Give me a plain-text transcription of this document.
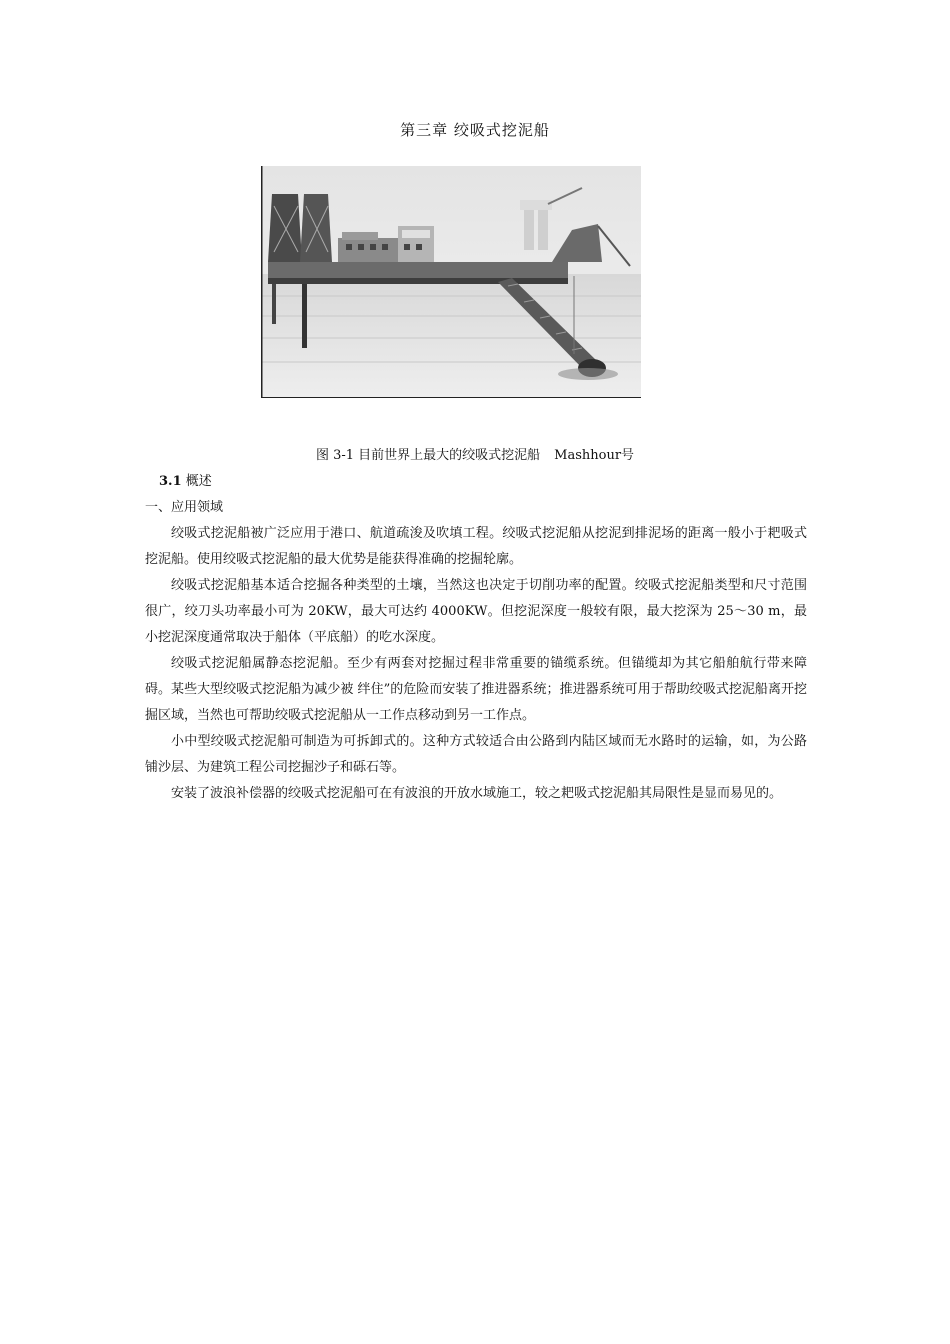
第三章 绞吸式挖泥船
图 3-1 目前世界上最大的绞吸式挖泥船 Mashhour号
3.1 概述
一、应用领域

绞吸式挖泥船被广泛应用于港口、航道疏浚及吹填工程。绞吸式挖泥船从挖泥到排泥场的距离一般小于耙吸式挖泥船。使用绞吸式挖泥船的最大优势是能获得准确的挖掘轮廓。

绞吸式挖泥船基本适合挖掘各种类型的土壤，当然这也决定于切削功率的配置。绞吸式挖泥船类型和尺寸范围很广，绞刀头功率最小可为 20KW，最大可达约 4000KW。但挖泥深度一般较有限，最大挖深为 25～30 m，最小挖泥深度通常取决于船体（平底船）的吃水深度。

绞吸式挖泥船属静态挖泥船。至少有两套对挖掘过程非常重要的锚缆系统。但锚缆却为其它船舶航行带来障碍。某些大型绞吸式挖泥船为减少被 绊住”的危险而安装了推进器系统；推进器系统可用于帮助绞吸式挖泥船离开挖掘区域，当然也可帮助绞吸式挖泥船从一工作点移动到另一工作点。

小中型绞吸式挖泥船可制造为可拆卸式的。这种方式较适合由公路到内陆区域而无水路时的运输，如，为公路铺沙层、为建筑工程公司挖掘沙子和砾石等。

安装了波浪补偿器的绞吸式挖泥船可在有波浪的开放水域施工，较之耙吸式挖泥船其局限性是显而易见的。
